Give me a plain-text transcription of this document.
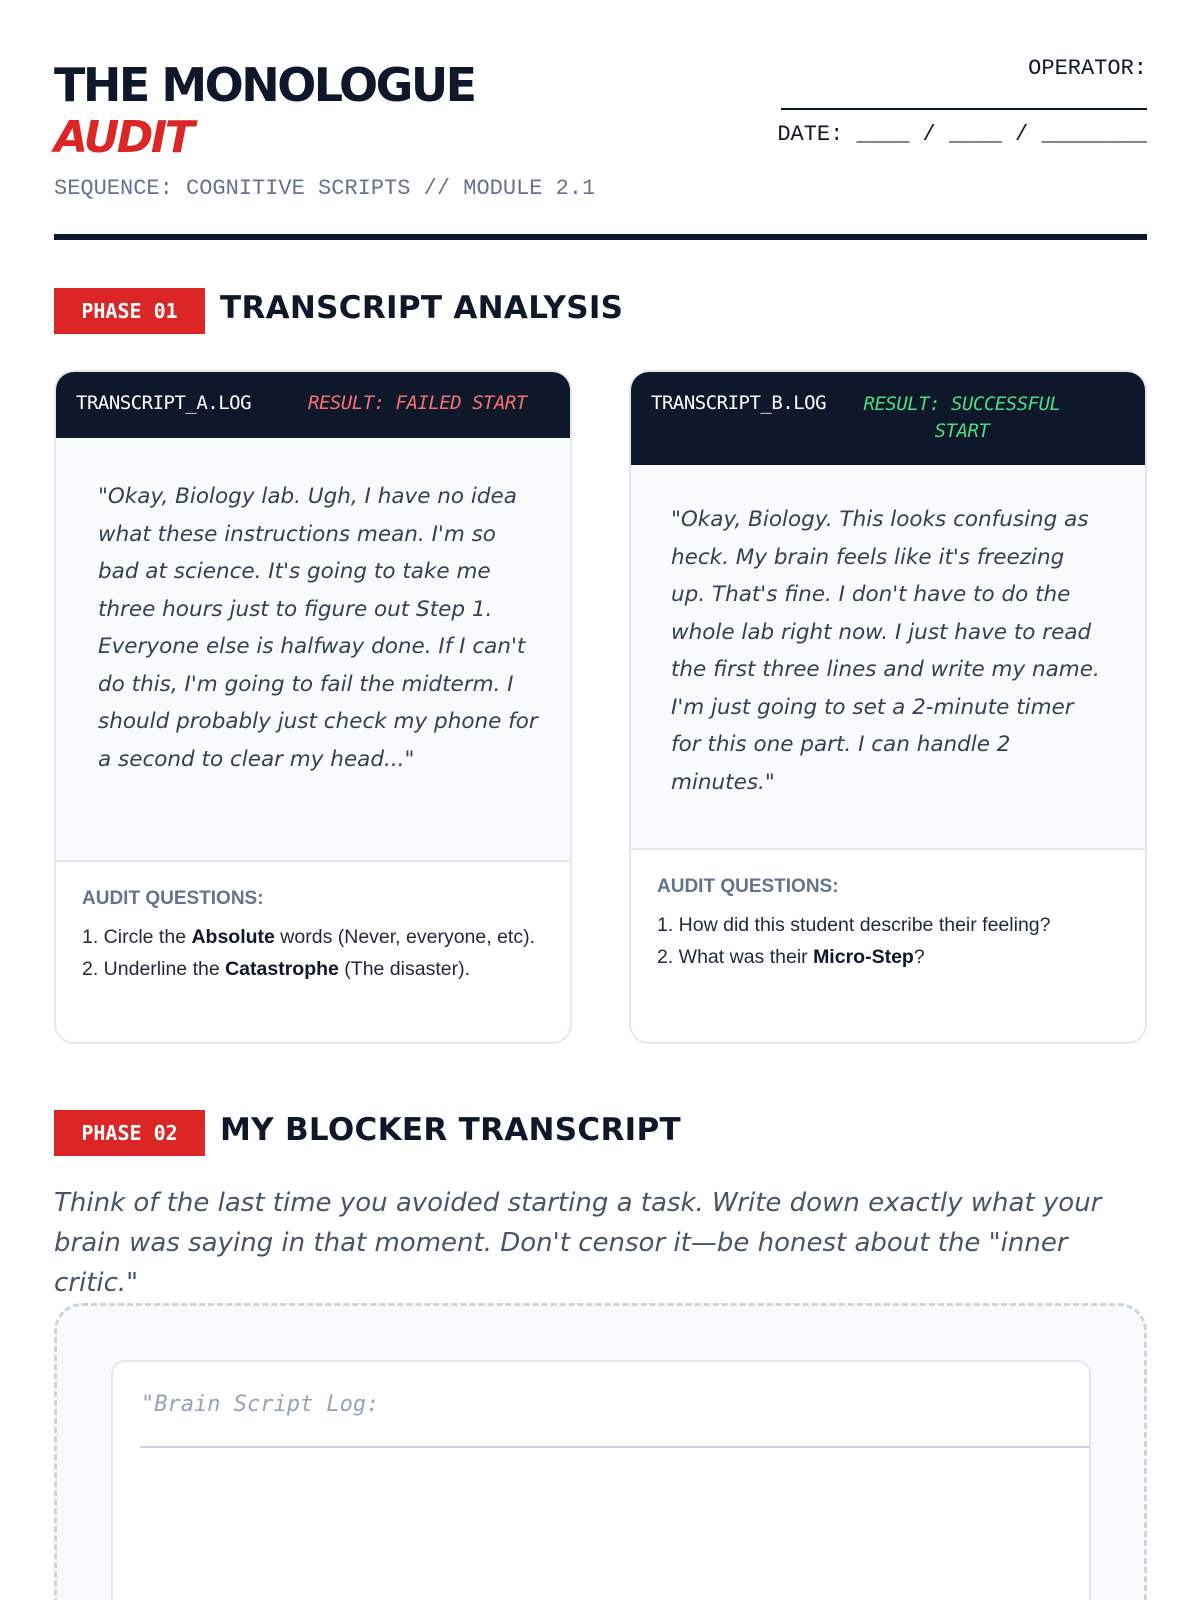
THE MONOLOGUE
AUDIT
SEQUENCE: COGNITIVE SCRIPTS // MODULE 2.1
OPERATOR:
DATE: ____ / ____ / ________
PHASE 01	TRANSCRIPT ANALYSIS
TRANSCRIPT_A.LOG	RESULT: FAILED START

"Okay, Biology lab. Ugh, I have no idea what these instructions mean. I'm so bad at science. It's going to take me three hours just to figure out Step 1. Everyone else is halfway done. If I can't do this, I'm going to fail the midterm. I should probably just check my phone for a second to clear my head..."

AUDIT QUESTIONS:
1. Circle the Absolute words (Never, everyone, etc).
2. Underline the Catastrophe (The disaster).
TRANSCRIPT_B.LOG	RESULT: SUCCESSFUL START

"Okay, Biology. This looks confusing as heck. My brain feels like it's freezing up. That's fine. I don't have to do the whole lab right now. I just have to read the first three lines and write my name. I'm just going to set a 2-minute timer for this one part. I can handle 2 minutes."

AUDIT QUESTIONS:
1. How did this student describe their feeling?
2. What was their Micro-Step?
PHASE 02	MY BLOCKER TRANSCRIPT

Think of the last time you avoided starting a task. Write down exactly what your brain was saying in that moment. Don't censor it—be honest about the "inner critic."

"Brain Script Log:
